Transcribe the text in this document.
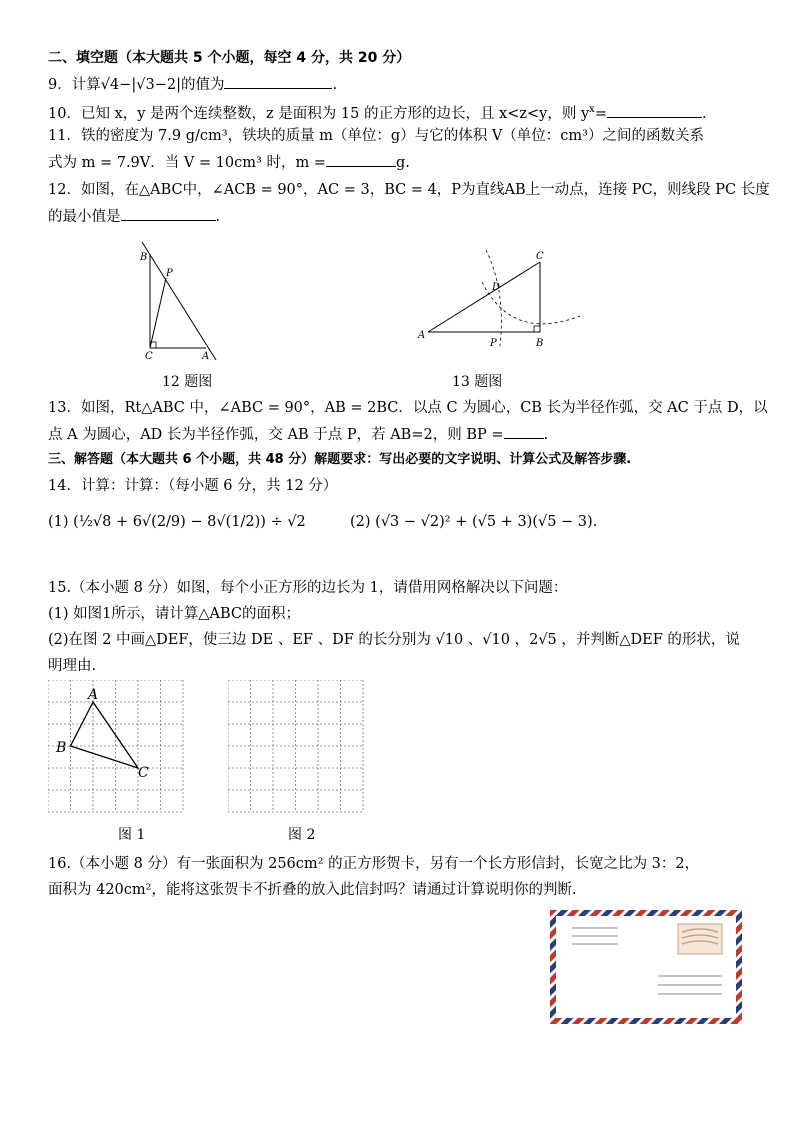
二、填空题（本大题共 5 个小题，每空 4 分，共 20 分）
9．计算√4−|√3−2|的值为	.
10．已知 x，y 是两个连续整数，z 是面积为 15 的正方形的边长，且 x<z<y，则 $y^x=$	.
11．铁的密度为 7.9 g/cm³，铁块的质量 m（单位：g）与它的体积 V（单位：cm³）之间的函数关系
式为 m = 7.9V．当 V = 10cm³ 时，m =	g.
12．如图，在△ABC中，∠ACB = 90°，AC = 3，BC = 4，P为直线AB上一动点，连接 PC，则线段 PC 长度
的最小值是	.
B
P
C	A
12 题图
C
D
A
P	B
13 题图
13．如图，Rt△ABC 中，∠ABC = 90°，AB = 2BC．以点 C 为圆心，CB 长为半径作弧，交 AC 于点 D，以
点 A 为圆心，AD 长为半径作弧，交 AB 于点 P，若 AB=2，则 BP =	.
三、解答题（本大题共 6 个小题，共 48 分）解题要求：写出必要的文字说明、计算公式及解答步骤.
14．计算：计算：（每小题 6 分，共 12 分）
(1) (½√8 + 6√(2/9) − 8√(1/2)) ÷ √2	(2) (√3 − √2)² + (√5 + 3)(√5 − 3).
15.（本小题 8 分）如图，每个小正方形的边长为 1，请借用网格解决以下问题：
(1) 如图1所示，请计算△ABC的面积；
(2)在图 2 中画△DEF，使三边 DE 、EF 、DF 的长分别为 √10 、√10 ，2√5 ，并判断△DEF 的形状，说
明理由.
A
B
C
图 1	图 2
16.（本小题 8 分）有一张面积为 256cm² 的正方形贺卡，另有一个长方形信封，长宽之比为 3：2，
面积为 420cm²，能将这张贺卡不折叠的放入此信封吗？请通过计算说明你的判断.
